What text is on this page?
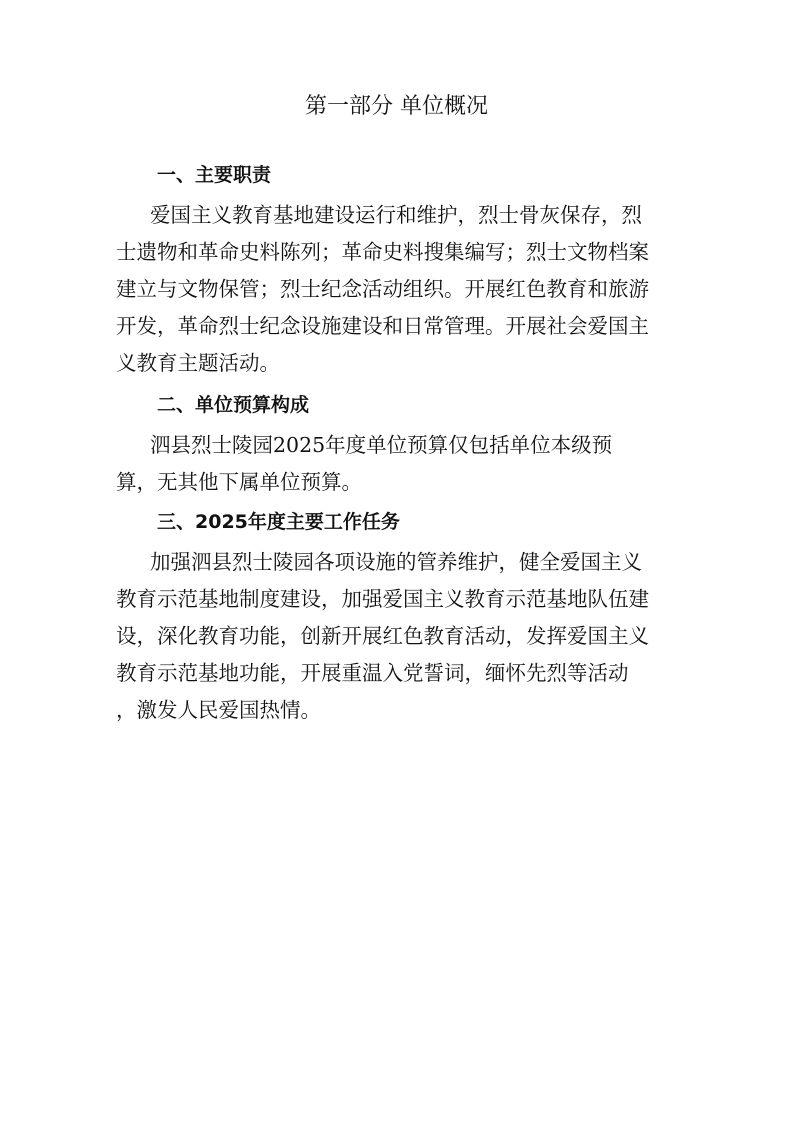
第一部分 单位概况
一、主要职责
爱国主义教育基地建设运行和维护，烈士骨灰保存，烈
士遗物和革命史料陈列；革命史料搜集编写；烈士文物档案
建立与文物保管；烈士纪念活动组织。开展红色教育和旅游
开发，革命烈士纪念设施建设和日常管理。开展社会爱国主
义教育主题活动。
二、单位预算构成
泗县烈士陵园2025年度单位预算仅包括单位本级预
算，无其他下属单位预算。
三、2025年度主要工作任务
加强泗县烈士陵园各项设施的管养维护，健全爱国主义
教育示范基地制度建设，加强爱国主义教育示范基地队伍建
设，深化教育功能，创新开展红色教育活动，发挥爱国主义
教育示范基地功能，开展重温入党誓词，缅怀先烈等活动
，激发人民爱国热情。
